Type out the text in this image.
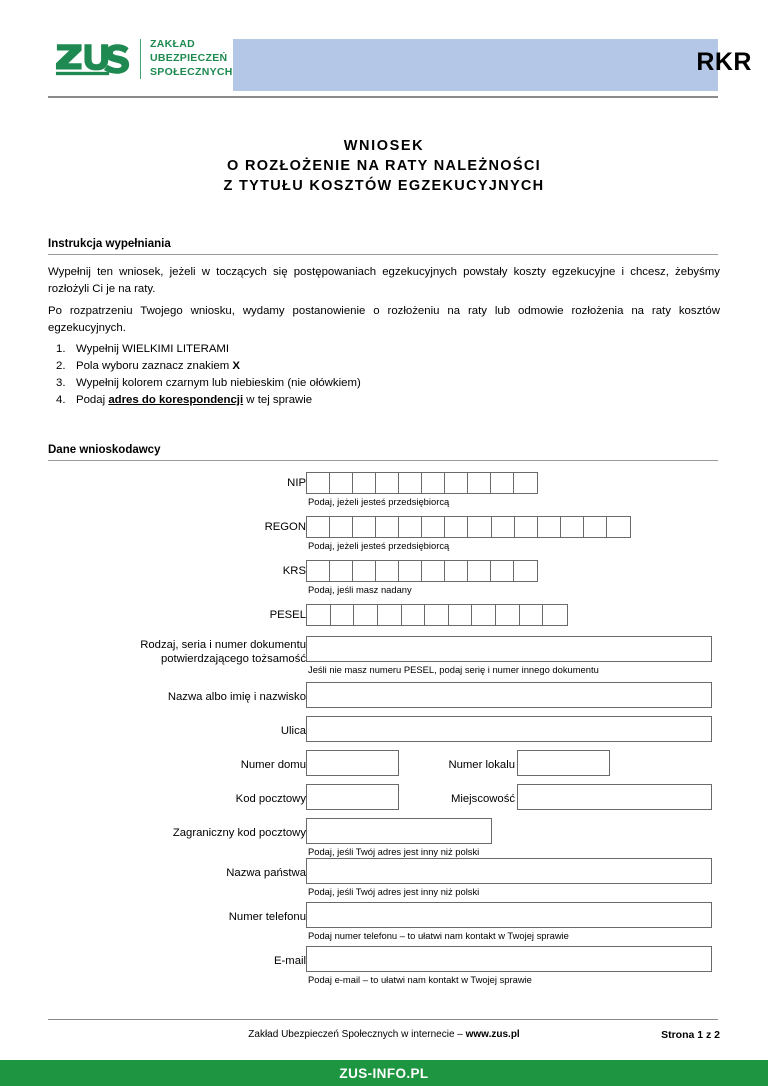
RKR
ZAKŁAD
UBEZPIECZEŃ
SPOŁECZNYCH
WNIOSEK
O ROZŁOŻENIE NA RATY NALEŻNOŚCI
Z TYTUŁU KOSZTÓW EGZEKUCYJNYCH
Instrukcja wypełniania
Wypełnij ten wniosek, jeżeli w toczących się postępowaniach egzekucyjnych powstały koszty egzekucyjne i chcesz, żebyśmy rozłożyli Ci je na raty.
Po rozpatrzeniu Twojego wniosku, wydamy postanowienie o rozłożeniu na raty lub odmowie rozłożenia na raty kosztów egzekucyjnych.
1. Wypełnij WIELKIMI LITERAMI
2. Pola wyboru zaznacz znakiem X
3. Wypełnij kolorem czarnym lub niebieskim (nie ołówkiem)
4. Podaj adres do korespondencji w tej sprawie
Dane wnioskodawcy
NIP
Podaj, jeżeli jesteś przedsiębiorcą
REGON
Podaj, jeżeli jesteś przedsiębiorcą
KRS
Podaj, jeśli masz nadany
PESEL
Rodzaj, seria i numer dokumentu
potwierdzającego tożsamość
Jeśli nie masz numeru PESEL, podaj serię i numer innego dokumentu
Nazwa albo imię i nazwisko
Ulica
Numer domu	Numer lokalu
Kod pocztowy	Miejscowość
Zagraniczny kod pocztowy
Podaj, jeśli Twój adres jest inny niż polski
Nazwa państwa
Podaj, jeśli Twój adres jest inny niż polski
Numer telefonu
Podaj numer telefonu – to ułatwi nam kontakt w Twojej sprawie
E-mail
Podaj e-mail – to ułatwi nam kontakt w Twojej sprawie
Zakład Ubezpieczeń Społecznych w internecie – www.zus.pl	Strona 1 z 2
ZUS-INFO.PL
